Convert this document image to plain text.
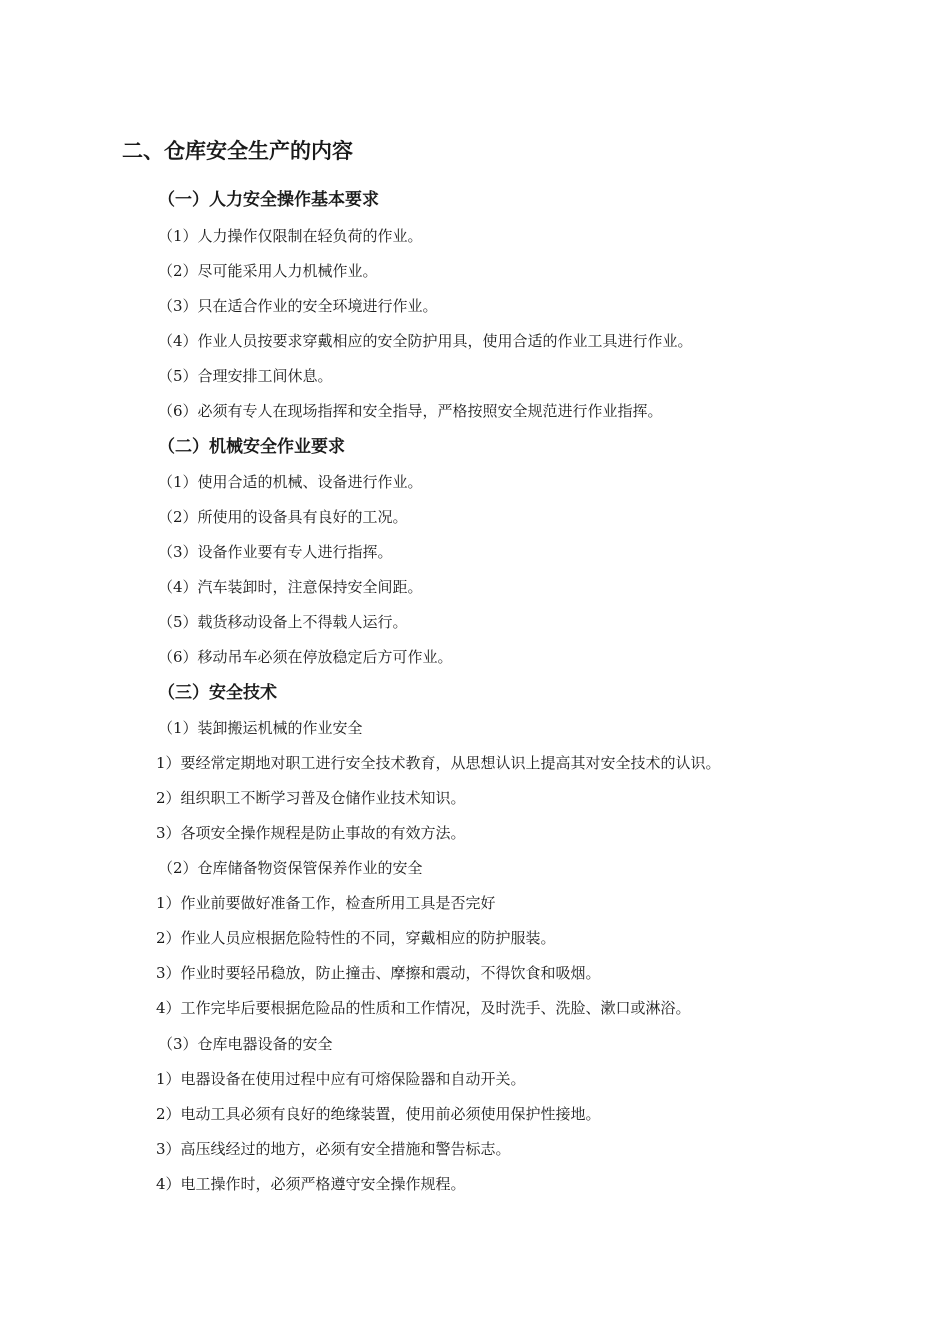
二、仓库安全生产的内容
（一）人力安全操作基本要求
（1）人力操作仅限制在轻负荷的作业。
（2）尽可能采用人力机械作业。
（3）只在适合作业的安全环境进行作业。
（4）作业人员按要求穿戴相应的安全防护用具，使用合适的作业工具进行作业。
（5）合理安排工间休息。
（6）必须有专人在现场指挥和安全指导，严格按照安全规范进行作业指挥。
（二）机械安全作业要求
（1）使用合适的机械、设备进行作业。
（2）所使用的设备具有良好的工况。
（3）设备作业要有专人进行指挥。
（4）汽车装卸时，注意保持安全间距。
（5）载货移动设备上不得载人运行。
（6）移动吊车必须在停放稳定后方可作业。
（三）安全技术
（1）装卸搬运机械的作业安全
1）要经常定期地对职工进行安全技术教育，从思想认识上提高其对安全技术的认识。
2）组织职工不断学习普及仓储作业技术知识。
3）各项安全操作规程是防止事故的有效方法。
（2）仓库储备物资保管保养作业的安全
1）作业前要做好准备工作，检查所用工具是否完好
2）作业人员应根据危险特性的不同，穿戴相应的防护服装。
3）作业时要轻吊稳放，防止撞击、摩擦和震动，不得饮食和吸烟。
4）工作完毕后要根据危险品的性质和工作情况，及时洗手、洗脸、漱口或淋浴。
（3）仓库电器设备的安全
1）电器设备在使用过程中应有可熔保险器和自动开关。
2）电动工具必须有良好的绝缘装置，使用前必须使用保护性接地。
3）高压线经过的地方，必须有安全措施和警告标志。
4）电工操作时，必须严格遵守安全操作规程。
